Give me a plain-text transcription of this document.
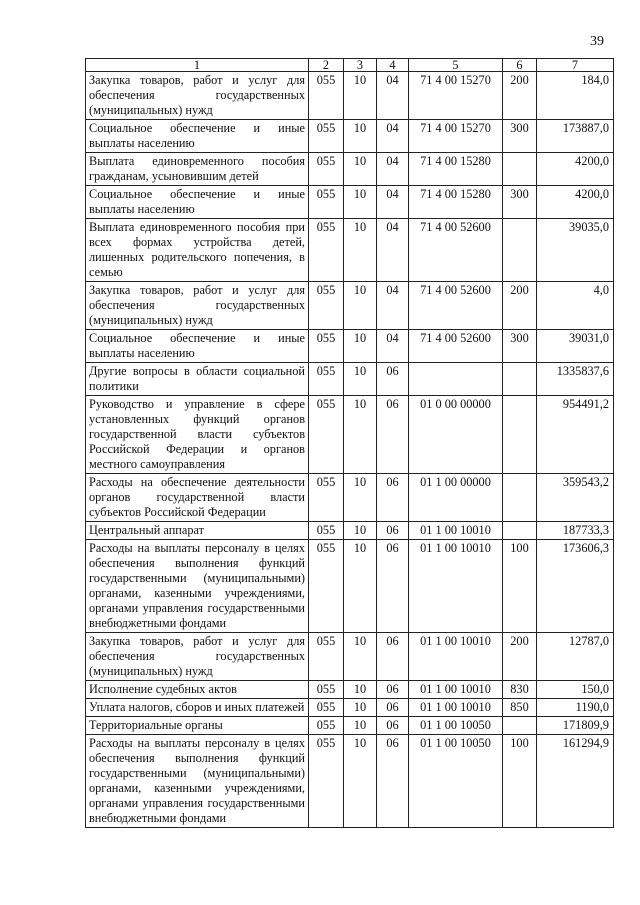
39
1	2	3	4	5	6	7
Закупка товаров, работ и услуг для обеспечения государственных (муниципальных) нужд	055	10	04	71 4 00 15270	200	184,0
Социальное обеспечение и иные выплаты населению	055	10	04	71 4 00 15270	300	173887,0
Выплата единовременного пособия гражданам, усыновившим детей	055	10	04	71 4 00 15280		4200,0
Социальное обеспечение и иные выплаты населению	055	10	04	71 4 00 15280	300	4200,0
Выплата единовременного пособия при всех формах устройства детей, лишенных родительского попечения, в семью	055	10	04	71 4 00 52600		39035,0
Закупка товаров, работ и услуг для обеспечения государственных (муниципальных) нужд	055	10	04	71 4 00 52600	200	4,0
Социальное обеспечение и иные выплаты населению	055	10	04	71 4 00 52600	300	39031,0
Другие вопросы в области социальной политики	055	10	06			1335837,6
Руководство и управление в сфере установленных функций органов государственной власти субъектов Российской Федерации и органов местного самоуправления	055	10	06	01 0 00 00000		954491,2
Расходы на обеспечение деятельности органов государственной власти субъектов Российской Федерации	055	10	06	01 1 00 00000		359543,2
Центральный аппарат	055	10	06	01 1 00 10010		187733,3
Расходы на выплаты персоналу в целях обеспечения выполнения функций государственными (муниципальными) органами, казенными учреждениями, органами управления государственными внебюджетными фондами	055	10	06	01 1 00 10010	100	173606,3
Закупка товаров, работ и услуг для обеспечения государственных (муниципальных) нужд	055	10	06	01 1 00 10010	200	12787,0
Исполнение судебных актов	055	10	06	01 1 00 10010	830	150,0
Уплата налогов, сборов и иных платежей	055	10	06	01 1 00 10010	850	1190,0
Территориальные органы	055	10	06	01 1 00 10050		171809,9
Расходы на выплаты персоналу в целях обеспечения выполнения функций государственными (муниципальными) органами, казенными учреждениями, органами управления государственными внебюджетными фондами	055	10	06	01 1 00 10050	100	161294,9
